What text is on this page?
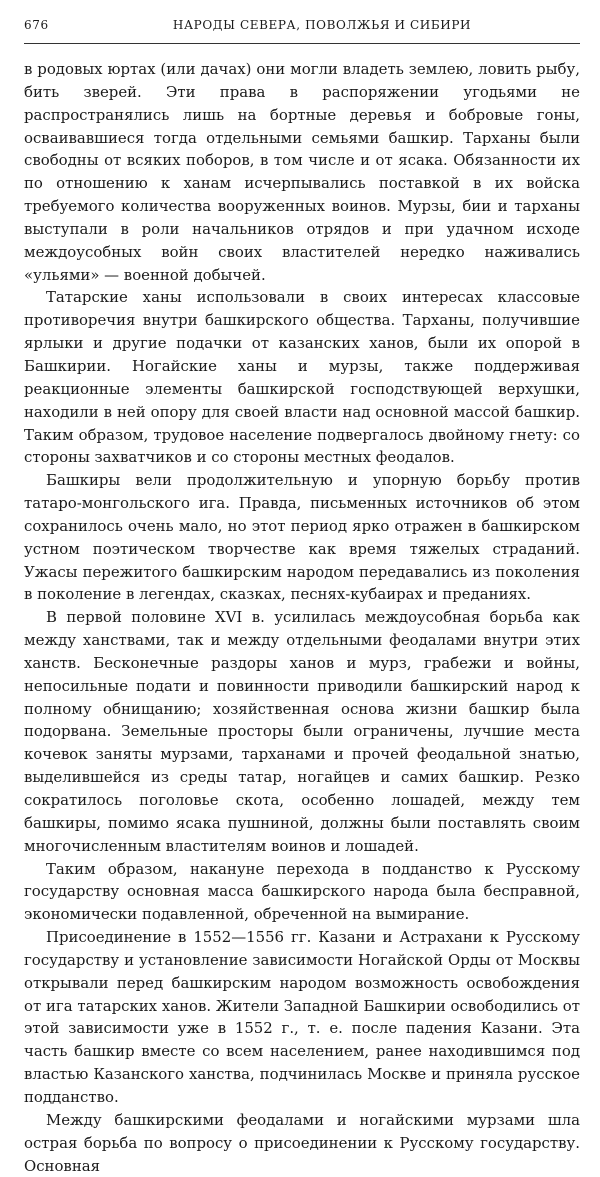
676	НАРОДЫ СЕВЕРА, ПОВОЛЖЬЯ И СИБИРИ

в родовых юртах (или дачах) они могли владеть землею, ловить рыбу, бить зверей. Эти права в распоряжении угодьями не распространялись лишь на бортные деревья и бобровые гоны, осваивавшиеся тогда отдельными семьями башкир. Тарханы были свободны от всяких поборов, в том числе и от ясака. Обязанности их по отношению к ханам исчерпывались поставкой в их войска требуемого количества вооруженных воинов. Мурзы, бии и тарханы выступали в роли начальников отрядов и при удачном исходе междоусобных войн своих властителей нередко наживались «ульями» — военной добычей.

Татарские ханы использовали в своих интересах классовые противоречия внутри башкирского общества. Тарханы, получившие ярлыки и другие подачки от казанских ханов, были их опорой в Башкирии. Ногайские ханы и мурзы, также поддерживая реакционные элементы башкирской господствующей верхушки, находили в ней опору для своей власти над основной массой башкир. Таким образом, трудовое население подвергалось двойному гнету: со стороны захватчиков и со стороны местных феодалов.

Башкиры вели продолжительную и упорную борьбу против татаро-монгольского ига. Правда, письменных источников об этом сохранилось очень мало, но этот период ярко отражен в башкирском устном поэтическом творчестве как время тяжелых страданий. Ужасы пережитого башкирским народом передавались из поколения в поколение в легендах, сказках, песнях-кубаирах и преданиях.

В первой половине XVI в. усилилась междоусобная борьба как между ханствами, так и между отдельными феодалами внутри этих ханств. Бесконечные раздоры ханов и мурз, грабежи и войны, непосильные подати и повинности приводили башкирский народ к полному обнищанию; хозяйственная основа жизни башкир была подорвана. Земельные просторы были ограничены, лучшие места кочевок заняты мурзами, тарханами и прочей феодальной знатью, выделившейся из среды татар, ногайцев и самих башкир. Резко сократилось поголовье скота, особенно лошадей, между тем башкиры, помимо ясака пушниной, должны были поставлять своим многочисленным властителям воинов и лошадей.

Таким образом, накануне перехода в подданство к Русскому государству основная масса башкирского народа была бесправной, экономически подавленной, обреченной на вымирание.

Присоединение в 1552—1556 гг. Казани и Астрахани к Русскому государству и установление зависимости Ногайской Орды от Москвы открывали перед башкирским народом возможность освобождения от ига татарских ханов. Жители Западной Башкирии освободились от этой зависимости уже в 1552 г., т. е. после падения Казани. Эта часть башкир вместе со всем населением, ранее находившимся под властью Казанского ханства, подчинилась Москве и приняла русское подданство.

Между башкирскими феодалами и ногайскими мурзами шла острая борьба по вопросу о присоединении к Русскому государству. Основная
